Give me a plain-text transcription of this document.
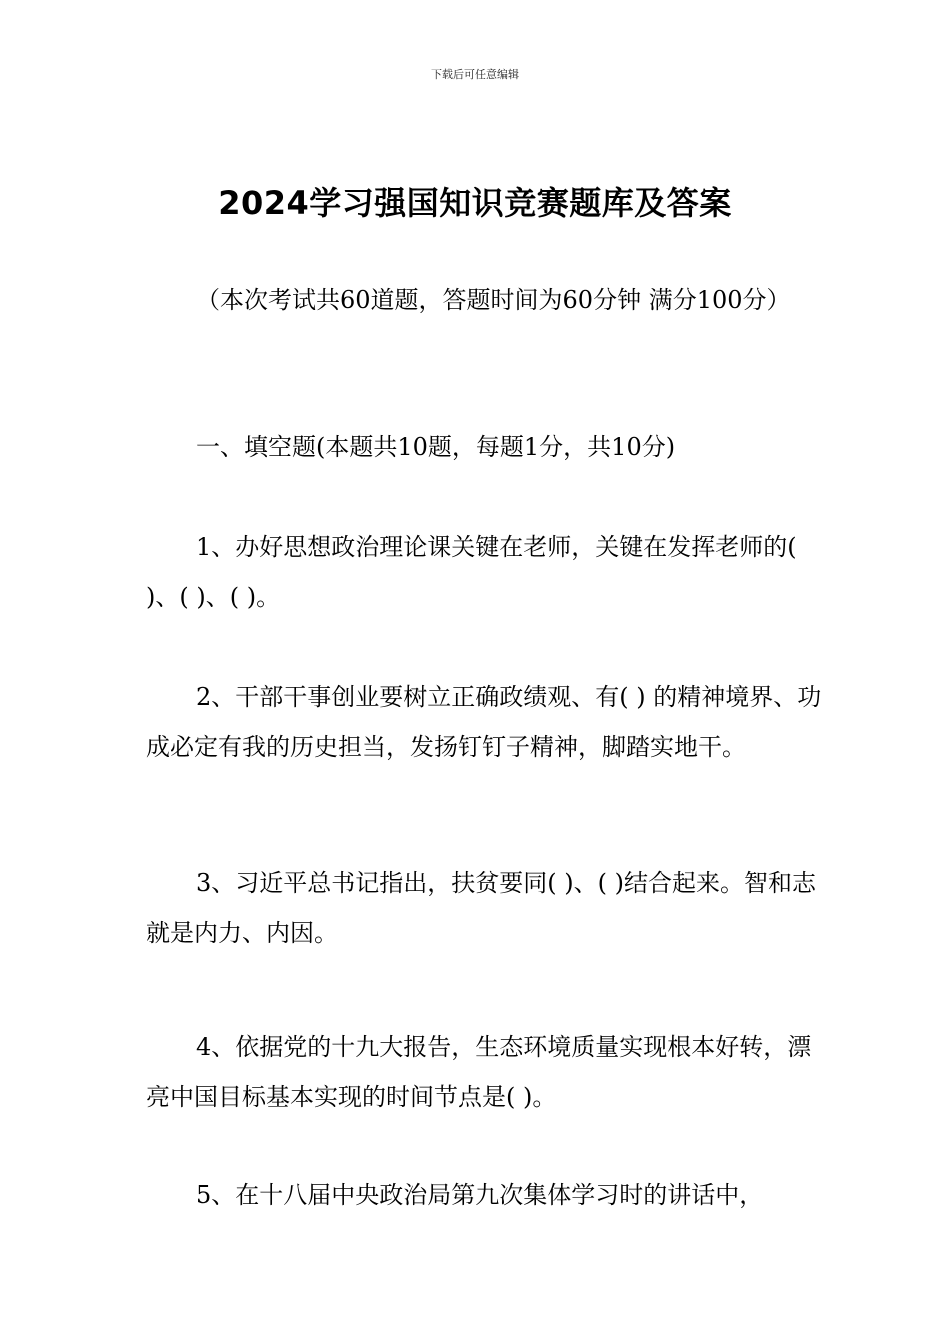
下载后可任意编辑
2024学习强国知识竞赛题库及答案

（本次考试共60道题，答题时间为60分钟 满分100分）

一、填空题(本题共10题，每题1分，共10分)

1、办好思想政治理论课关键在老师，关键在发挥老师的( )、( )、( )。

2、干部干事创业要树立正确政绩观、有( ) 的精神境界、功成必定有我的历史担当，发扬钉钉子精神，脚踏实地干。

3、习近平总书记指出，扶贫要同( )、( )结合起来。智和志就是内力、内因。

4、依据党的十九大报告，生态环境质量实现根本好转，漂亮中国目标基本实现的时间节点是( )。

5、在十八届中央政治局第九次集体学习时的讲话中，
